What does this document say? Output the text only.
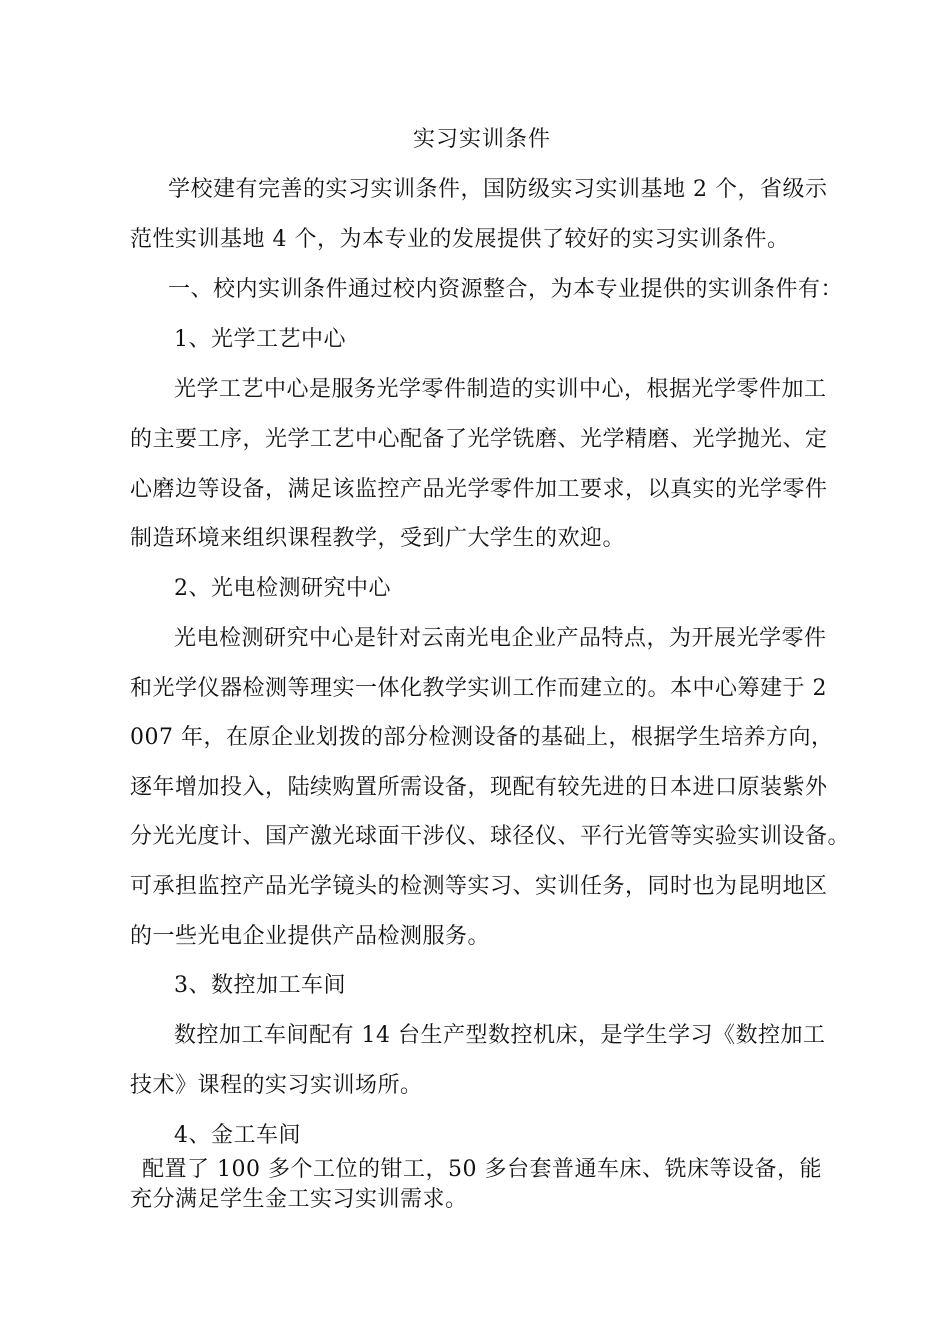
实习实训条件

学校建有完善的实习实训条件，国防级实习实训基地 2 个，省级示

范性实训基地 4 个，为本专业的发展提供了较好的实习实训条件。

一、校内实训条件通过校内资源整合，为本专业提供的实训条件有：

1、光学工艺中心

光学工艺中心是服务光学零件制造的实训中心，根据光学零件加工

的主要工序，光学工艺中心配备了光学铣磨、光学精磨、光学抛光、定

心磨边等设备，满足该监控产品光学零件加工要求，以真实的光学零件

制造环境来组织课程教学，受到广大学生的欢迎。

2、光电检测研究中心

光电检测研究中心是针对云南光电企业产品特点，为开展光学零件

和光学仪器检测等理实一体化教学实训工作而建立的。本中心筹建于 2

007 年，在原企业划拨的部分检测设备的基础上，根据学生培养方向，

逐年增加投入，陆续购置所需设备，现配有较先进的日本进口原装紫外

分光光度计、国产激光球面干涉仪、球径仪、平行光管等实验实训设备。

可承担监控产品光学镜头的检测等实习、实训任务，同时也为昆明地区

的一些光电企业提供产品检测服务。

3、数控加工车间

数控加工车间配有 14 台生产型数控机床，是学生学习《数控加工

技术》课程的实习实训场所。

4、金工车间

配置了 100 多个工位的钳工，50 多台套普通车床、铣床等设备，能

充分满足学生金工实习实训需求。
